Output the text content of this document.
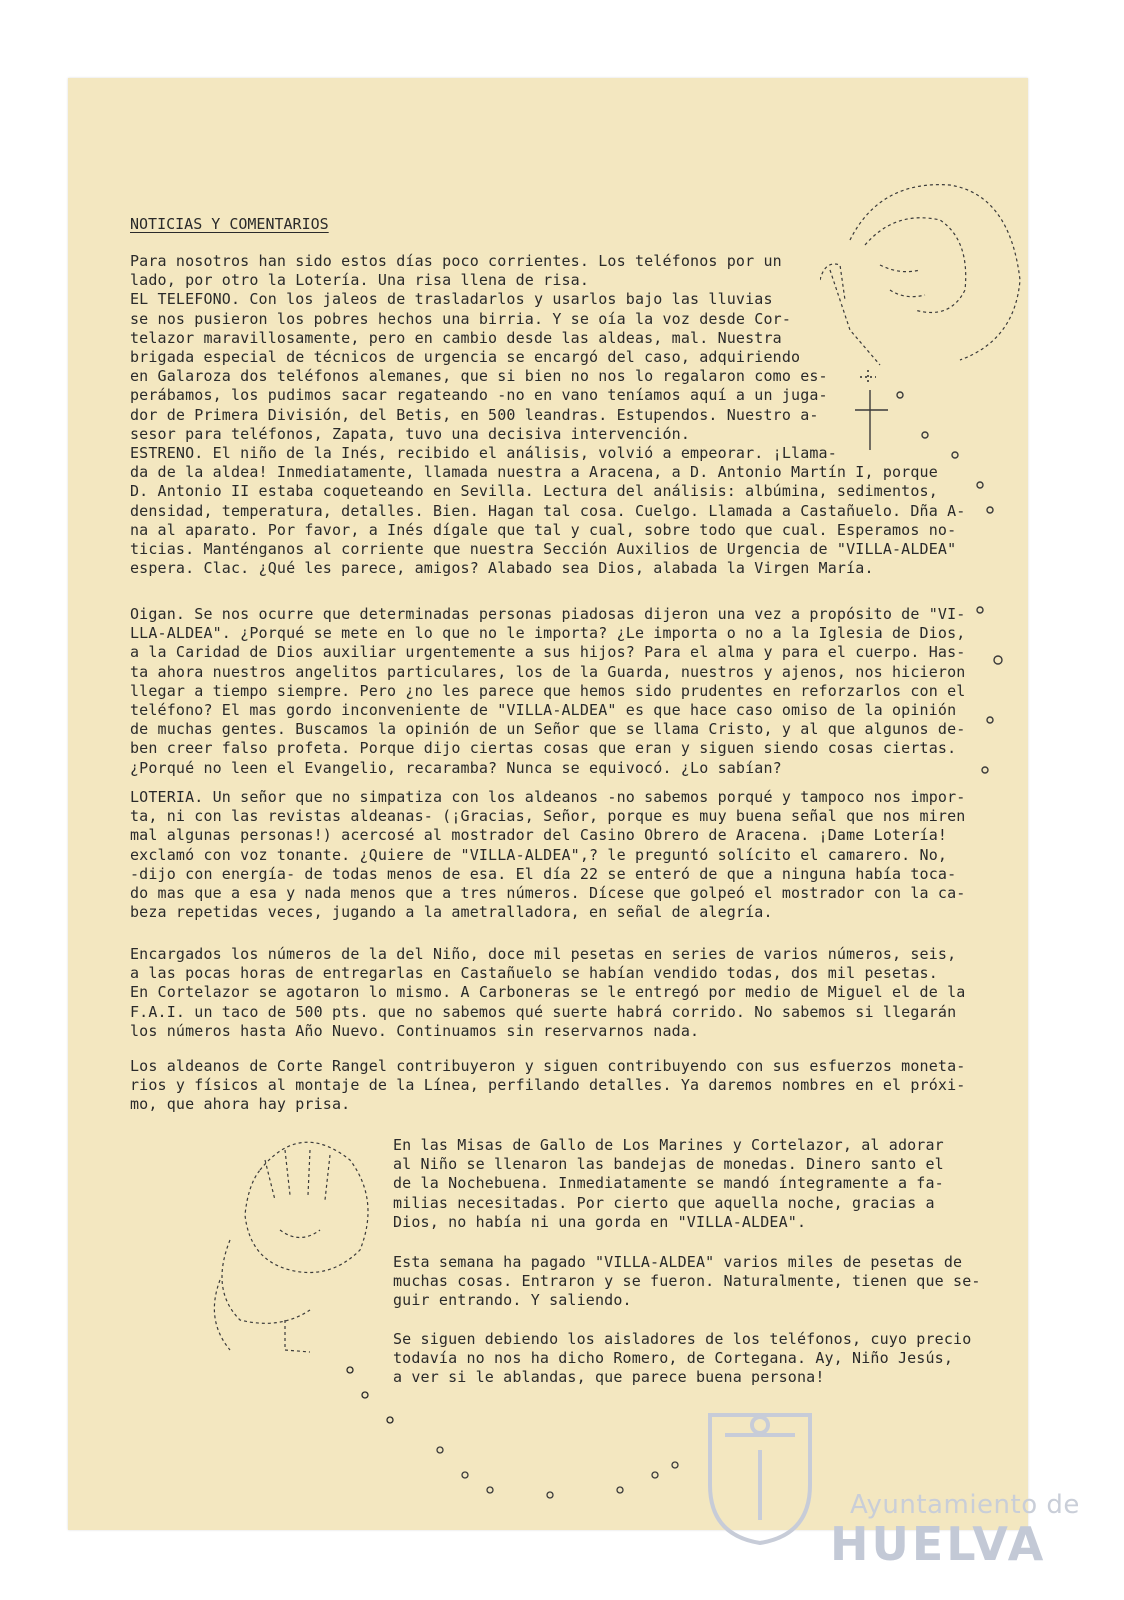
NOTICIAS Y COMENTARIOS
Para nosotros han sido estos días poco corrientes. Los teléfonos por un
lado, por otro la Lotería. Una risa llena de risa.
EL TELEFONO. Con los jaleos de trasladarlos y usarlos bajo las lluvias
se nos pusieron los pobres hechos una birria. Y se oía la voz desde Cor-
telazor maravillosamente, pero en cambio desde las aldeas, mal. Nuestra
brigada especial de técnicos de urgencia se encargó del caso, adquiriendo
en Galaroza dos teléfonos alemanes, que si bien no nos lo regalaron como es-
perábamos, los pudimos sacar regateando -no en vano teníamos aquí a un juga-
dor de Primera División, del Betis, en 500 leandras. Estupendos. Nuestro a-
sesor para teléfonos, Zapata, tuvo una decisiva intervención.
ESTRENO. El niño de la Inés, recibido el análisis, volvió a empeorar. ¡Llama-
da de la aldea! Inmediatamente, llamada nuestra a Aracena, a D. Antonio Martín I, porque
D. Antonio II estaba coqueteando en Sevilla. Lectura del análisis: albúmina, sedimentos,
densidad, temperatura, detalles. Bien. Hagan tal cosa. Cuelgo. Llamada a Castañuelo. Dña A-
na al aparato. Por favor, a Inés dígale que tal y cual, sobre todo que cual. Esperamos no-
ticias. Manténganos al corriente que nuestra Sección Auxilios de Urgencia de "VILLA-ALDEA"
espera. Clac. ¿Qué les parece, amigos? Alabado sea Dios, alabada la Virgen María.
Oigan. Se nos ocurre que determinadas personas piadosas dijeron una vez a propósito de "VI-
LLA-ALDEA". ¿Porqué se mete en lo que no le importa? ¿Le importa o no a la Iglesia de Dios,
a la Caridad de Dios auxiliar urgentemente a sus hijos? Para el alma y para el cuerpo. Has-
ta ahora nuestros angelitos particulares, los de la Guarda, nuestros y ajenos, nos hicieron
llegar a tiempo siempre. Pero ¿no les parece que hemos sido prudentes en reforzarlos con el
teléfono? El mas gordo inconveniente de "VILLA-ALDEA" es que hace caso omiso de la opinión
de muchas gentes. Buscamos la opinión de un Señor que se llama Cristo, y al que algunos de-
ben creer falso profeta. Porque dijo ciertas cosas que eran y siguen siendo cosas ciertas.
¿Porqué no leen el Evangelio, recaramba? Nunca se equivocó. ¿Lo sabían?
LOTERIA. Un señor que no simpatiza con los aldeanos -no sabemos porqué y tampoco nos impor-
ta, ni con las revistas aldeanas- (¡Gracias, Señor, porque es muy buena señal que nos miren
mal algunas personas!) acercosé al mostrador del Casino Obrero de Aracena. ¡Dame Lotería!
exclamó con voz tonante. ¿Quiere de "VILLA-ALDEA",? le preguntó solícito el camarero. No,
-dijo con energía- de todas menos de esa. El día 22 se enteró de que a ninguna había toca-
do mas que a esa y nada menos que a tres números. Dícese que golpeó el mostrador con la ca-
beza repetidas veces, jugando a la ametralladora, en señal de alegría.
Encargados los números de la del Niño, doce mil pesetas en series de varios números, seis,
a las pocas horas de entregarlas en Castañuelo se habían vendido todas, dos mil pesetas.
En Cortelazor se agotaron lo mismo. A Carboneras se le entregó por medio de Miguel el de la
F.A.I. un taco de 500 pts. que no sabemos qué suerte habrá corrido. No sabemos si llegarán
los números hasta Año Nuevo. Continuamos sin reservarnos nada.
Los aldeanos de Corte Rangel contribuyeron y siguen contribuyendo con sus esfuerzos moneta-
rios y físicos al montaje de la Línea, perfilando detalles. Ya daremos nombres en el próxi-
mo, que ahora hay prisa.
En las Misas de Gallo de Los Marines y Cortelazor, al adorar
al Niño se llenaron las bandejas de monedas. Dinero santo el
de la Nochebuena. Inmediatamente se mandó íntegramente a fa-
milias necesitadas. Por cierto que aquella noche, gracias a
Dios, no había ni una gorda en "VILLA-ALDEA".
Esta semana ha pagado "VILLA-ALDEA" varios miles de pesetas de
muchas cosas. Entraron y se fueron. Naturalmente, tienen que se-
guir entrando. Y saliendo.
Se siguen debiendo los aisladores de los teléfonos, cuyo precio
todavía no nos ha dicho Romero, de Cortegana. Ay, Niño Jesús,
a ver si le ablandas, que parece buena persona!
Ayuntamiento de
HUELVA
